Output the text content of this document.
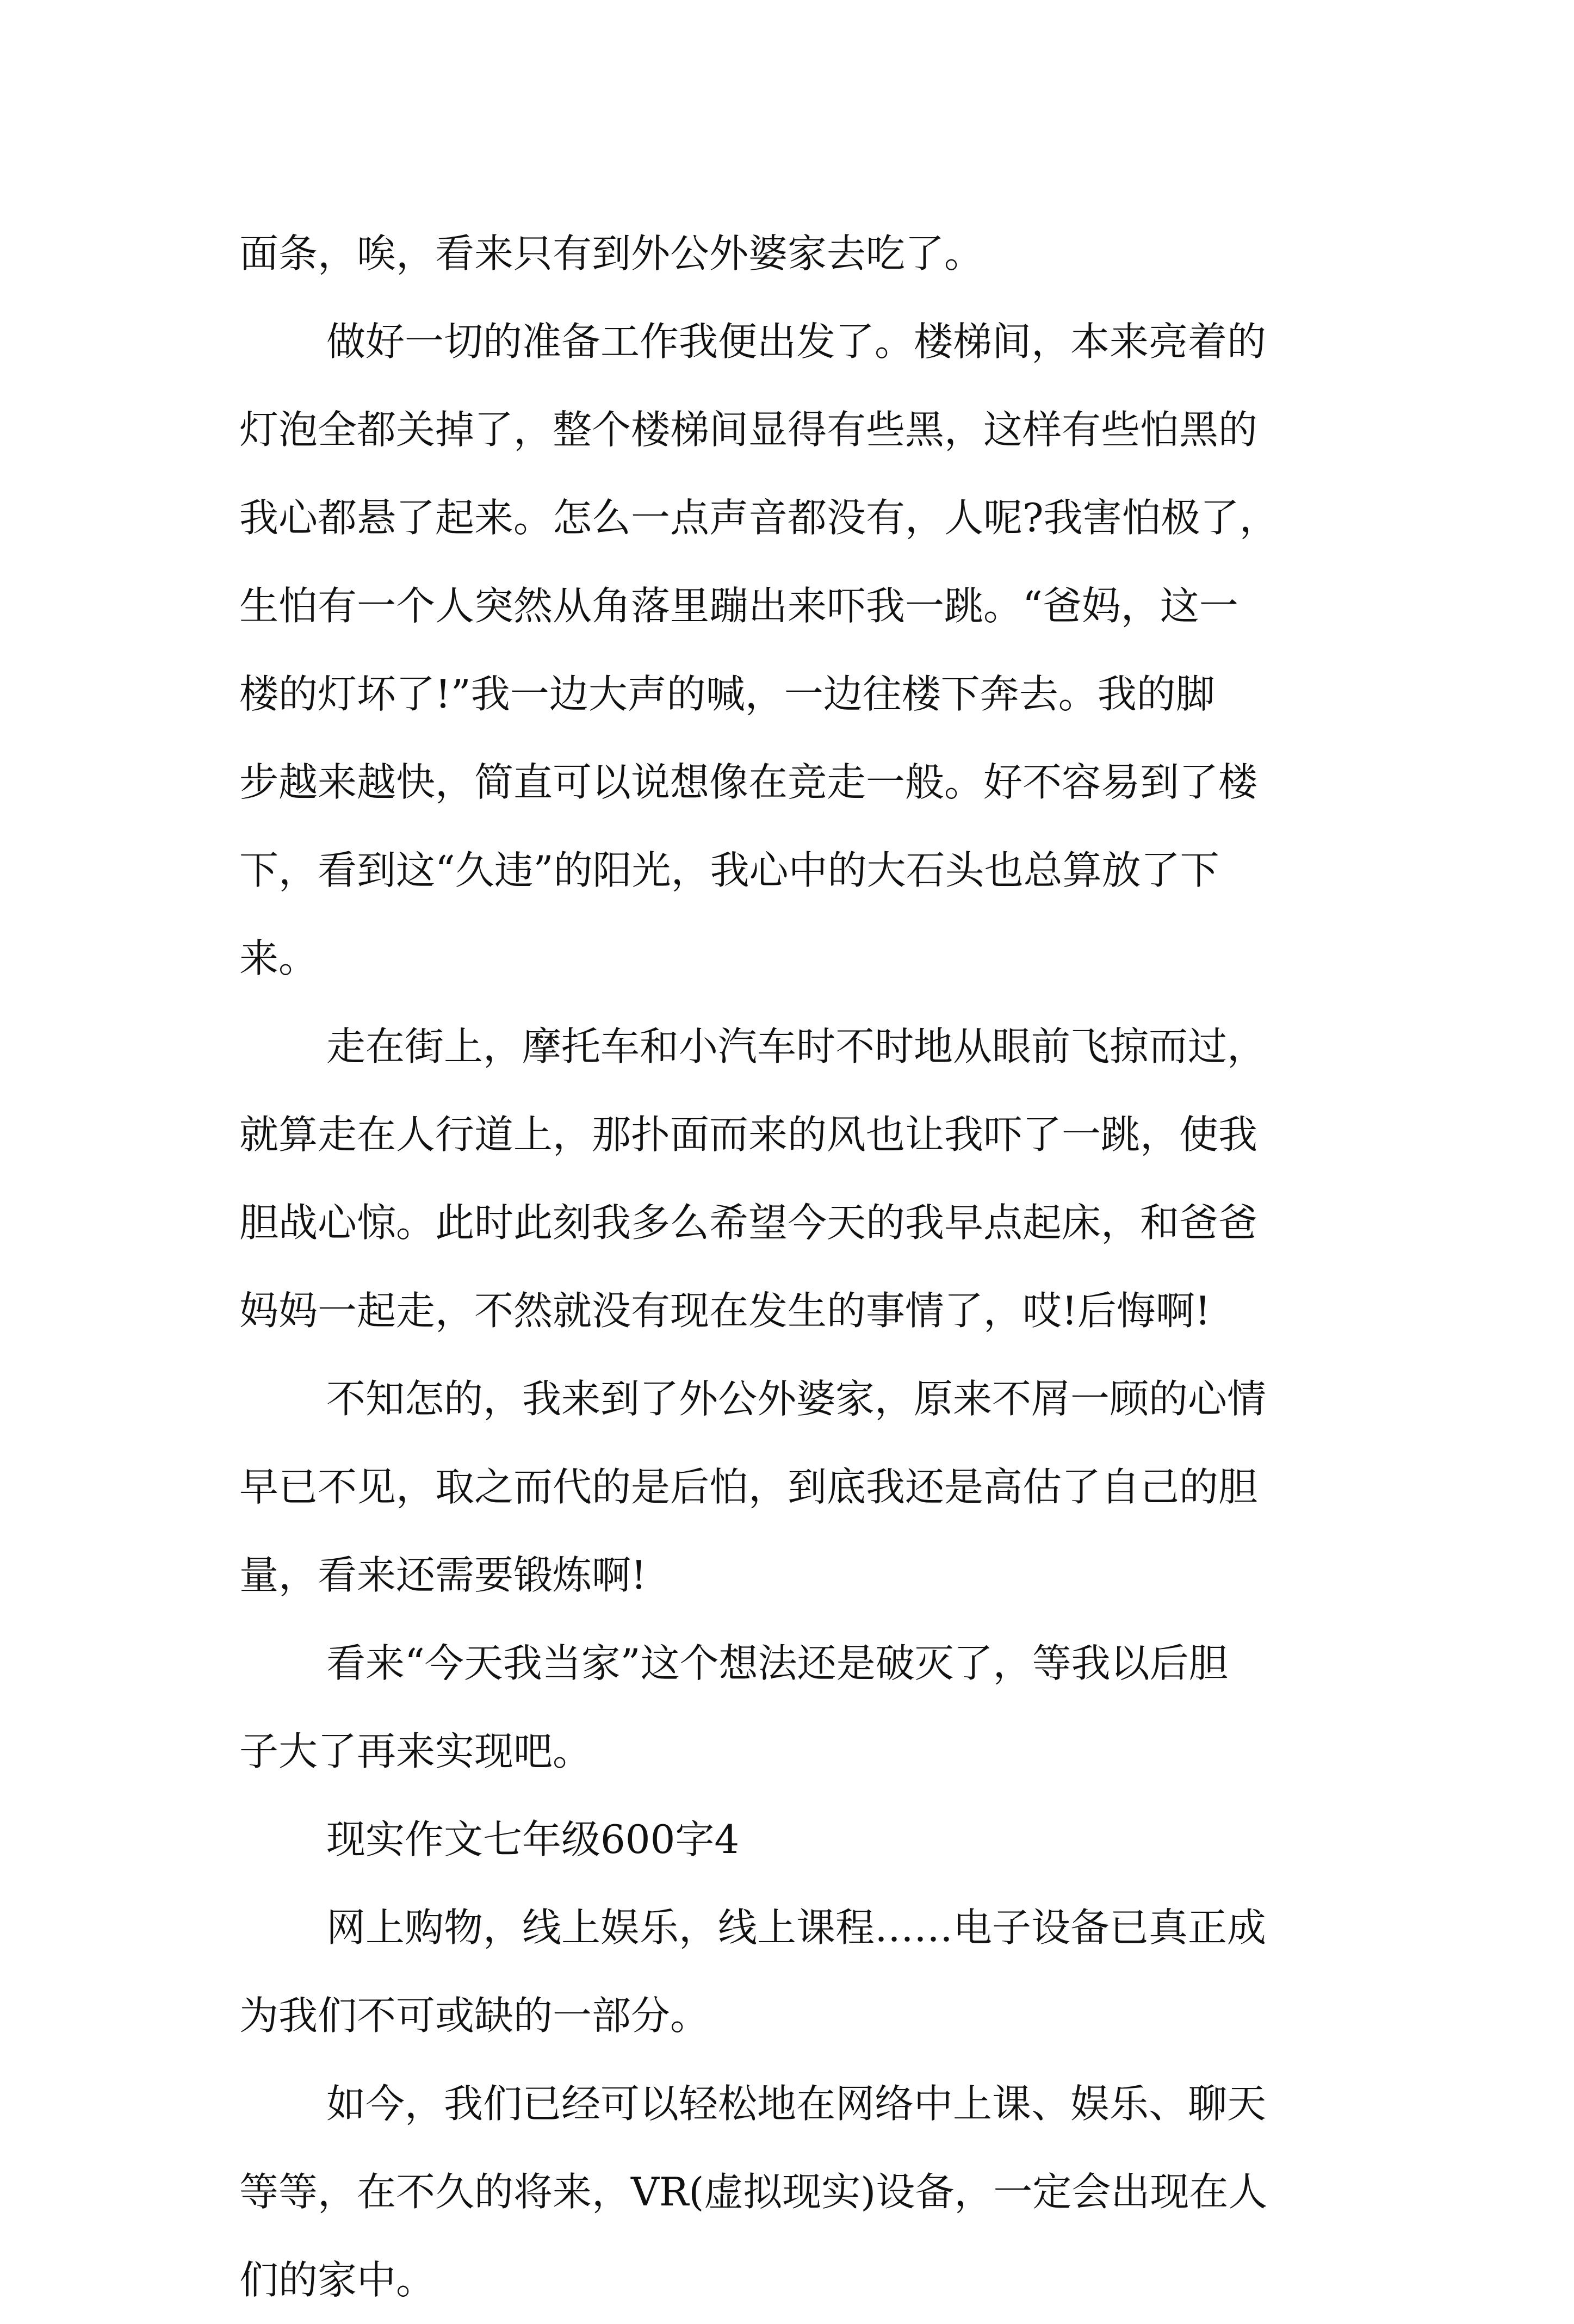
面条，唉，看来只有到外公外婆家去吃了。
做好一切的准备工作我便出发了。楼梯间，本来亮着的
灯泡全都关掉了，整个楼梯间显得有些黑，这样有些怕黑的
我心都悬了起来。怎么一点声音都没有，人呢?我害怕极了，
生怕有一个人突然从角落里蹦出来吓我一跳。“爸妈，这一
楼的灯坏了!”我一边大声的喊，一边往楼下奔去。我的脚
步越来越快，简直可以说想像在竞走一般。好不容易到了楼
下，看到这“久违”的阳光，我心中的大石头也总算放了下
来。
走在街上，摩托车和小汽车时不时地从眼前飞掠而过，
就算走在人行道上，那扑面而来的风也让我吓了一跳，使我
胆战心惊。此时此刻我多么希望今天的我早点起床，和爸爸
妈妈一起走，不然就没有现在发生的事情了，哎!后悔啊!
不知怎的，我来到了外公外婆家，原来不屑一顾的心情
早已不见，取之而代的是后怕，到底我还是高估了自己的胆
量，看来还需要锻炼啊!
看来“今天我当家”这个想法还是破灭了，等我以后胆
子大了再来实现吧。
现实作文七年级600字4
网上购物，线上娱乐，线上课程……电子设备已真正成
为我们不可或缺的一部分。
如今，我们已经可以轻松地在网络中上课、娱乐、聊天
等等，在不久的将来，VR(虚拟现实)设备，一定会出现在人
们的家中。
